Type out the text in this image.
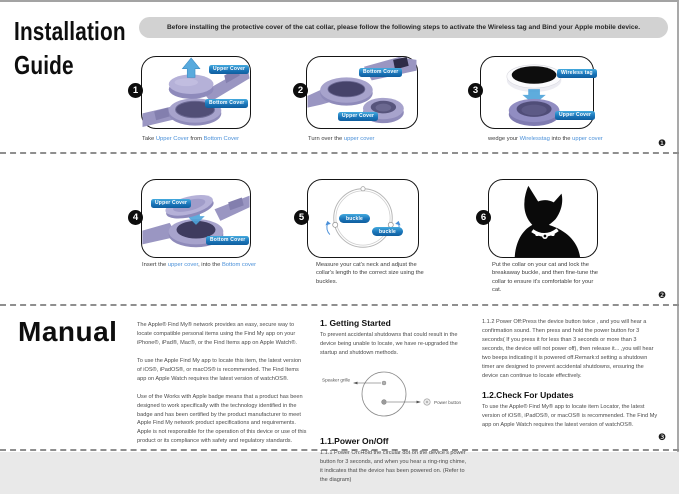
Installation
Guide
Before installing the protective cover of the cat collar, please follow the following steps to activate the Wireless tag and Bind your Apple mobile device.
❶
❷
❸
1	2	3
4	5	6
Upper Cover
Bottom Cover
Bottom Cover
Upper Cover
Wireless tag
Upper Cover
Upper Cover
Bottom Cover
buckle
buckle
Take Upper Cover from Bottom Cover	Turn over the upper cover	wedge your Wirelesstag into the upper cover
Insert the upper cover, into the Bottom cover	Measure your cat's neck and adjust the collar's length to the correct size using the buckles.
Put the collar on your cat and lock the breakaway buckle, and then fine-tune the collar to ensure it's comfortable for your cat.
Manual	The Apple® Find My® network provides an easy, secure way to locate compatible personal items using the Find My app on your iPhone®, iPad®, Mac®, or the Find Items app on Apple Watch®.

To use the Apple Find My app to locate this item, the latest version of iOS®, iPadOS®, or macOS® is recommended. The Find Items app on Apple Watch requires the latest version of watchOS®.

Use of the Works with Apple badge means that a product has been designed to work specifically with the technology identified in the badge and has been certified by the product manufacturer to meet Apple Find My network product specifications and requirements. Apple is not responsible for the operation of this device or use of this product or its compliance with safety and regulatory standards.

1. Getting Started

To prevent accidental shutdowns that could result in the device being unable to locate, we have re-upgraded the startup and shutdown methods.

Speaker grille
Power button
1.1.Power On/Off

1.1.1 Power On:Hold the circular dot on the device's power button for 3 seconds, and when you hear a ring-ring chime, it indicates that the device has been powered on. (Refer to the diagram)

1.1.2 Power Off:Press the device button twice , and you will hear a confirmation sound. Then press and hold the power button for 3 seconds( If you press it for less than 3 seconds or more than 3 seconds, the device will not power off), then release it... ,you will hear two beeps indicating it is powered off.Remark:d setting a shutdown timer are designed to prevent accidental shutdowns, ensuring the device can continue to locate effectively.

1.2.Check For Updates

To use the Apple® Find My® app to locate item Locator, the latest version of iOS®, iPadOS®, or macOS® is recommended. The Find My app on Apple Watch requires the latest version of watchOS®.
